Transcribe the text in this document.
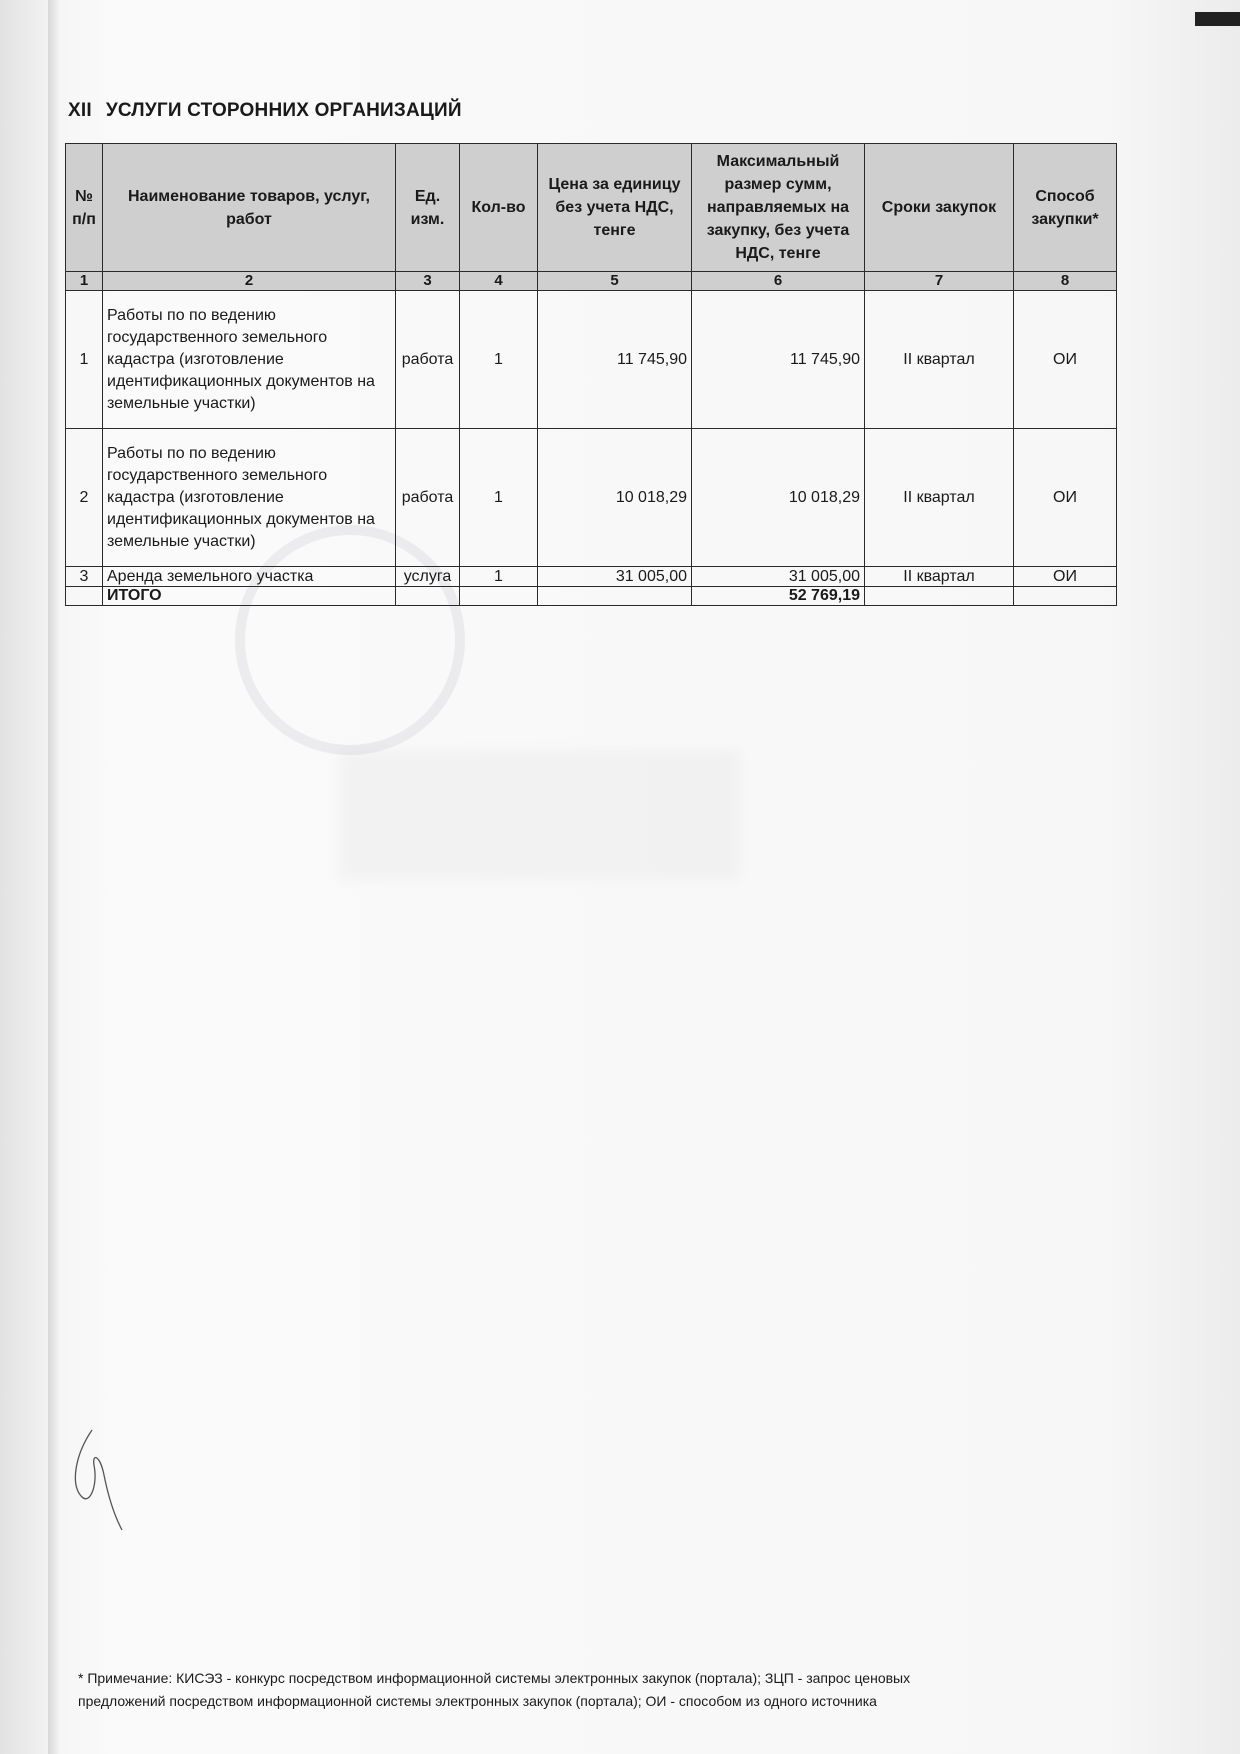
XII УСЛУГИ СТОРОННИХ ОРГАНИЗАЦИЙ
№ п/п	Наименование товаров, услуг, работ	Ед. изм.	Кол-во	Цена за единицу без учета НДС, тенге	Максимальный размер сумм, направляемых на закупку, без учета НДС, тенге	Сроки закупок	Способ закупки*
1	2	3	4	5	6	7	8
1	Работы по по ведению государственного земельного кадастра (изготовление идентификационных документов на земельные участки)	работа	1	11 745,90	11 745,90	II квартал	ОИ
2	Работы по по ведению государственного земельного кадастра (изготовление идентификационных документов на земельные участки)	работа	1	10 018,29	10 018,29	II квартал	ОИ
3	Аренда земельного участка	услуга	1	31 005,00	31 005,00	II квартал	ОИ
	ИТОГО				52 769,19		
* Примечание: КИСЭЗ - конкурс посредством информационной системы электронных закупок (портала); ЗЦП - запрос ценовых
предложений посредством информационной системы электронных закупок (портала); ОИ - способом из одного источника
